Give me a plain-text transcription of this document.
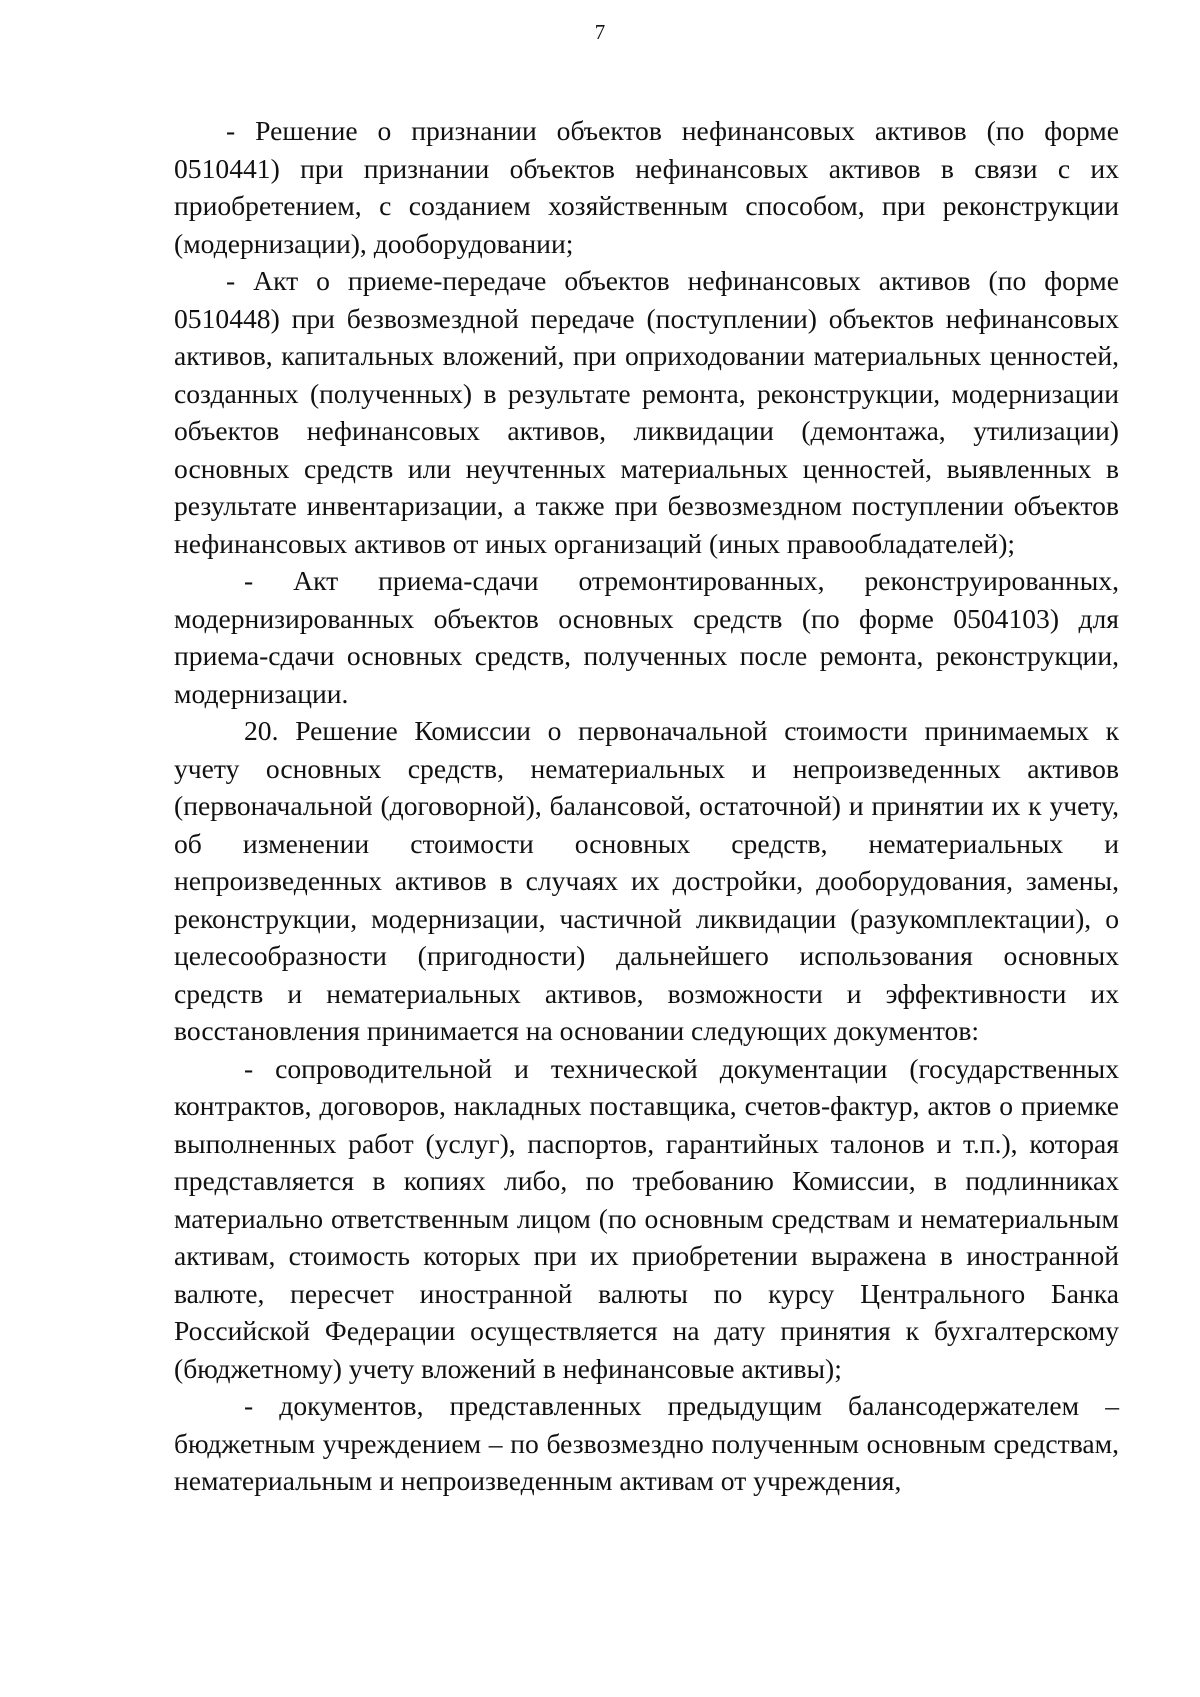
7

- Решение о признании объектов нефинансовых активов (по форме 0510441) при признании объектов нефинансовых активов в связи с их приобретением, с созданием хозяйственным способом, при реконструкции (модернизации), дооборудовании;

- Акт о приеме-передаче объектов нефинансовых активов (по форме 0510448) при безвозмездной передаче (поступлении) объектов нефинансовых активов, капитальных вложений, при оприходовании материальных ценностей, созданных (полученных) в результате ремонта, реконструкции, модернизации объектов нефинансовых активов, ликвидации (демонтажа, утилизации) основных средств или неучтенных материальных ценностей, выявленных в результате инвентаризации, а также при безвозмездном поступлении объектов нефинансовых активов от иных организаций (иных правообладателей);

- Акт приема-сдачи отремонтированных, реконструированных, модернизированных объектов основных средств (по форме 0504103) для приема-сдачи основных средств, полученных после ремонта, реконструкции, модернизации.

20. Решение Комиссии о первоначальной стоимости принимаемых к учету основных средств, нематериальных и непроизведенных активов (первоначальной (договорной), балансовой, остаточной) и принятии их к учету, об изменении стоимости основных средств, нематериальных и непроизведенных активов в случаях их достройки, дооборудования, замены, реконструкции, модернизации, частичной ликвидации (разукомплектации), о целесообразности (пригодности) дальнейшего использования основных средств и нематериальных активов, возможности и эффективности их восстановления принимается на основании следующих документов:

- сопроводительной и технической документации (государственных контрактов, договоров, накладных поставщика, счетов-фактур, актов о приемке выполненных работ (услуг), паспортов, гарантийных талонов и т.п.), которая представляется в копиях либо, по требованию Комиссии, в подлинниках материально ответственным лицом (по основным средствам и нематериальным активам, стоимость которых при их приобретении выражена в иностранной валюте, пересчет иностранной валюты по курсу Центрального Банка Российской Федерации осуществляется на дату принятия к бухгалтерскому (бюджетному) учету вложений в нефинансовые активы);

- документов, представленных предыдущим балансодержателем – бюджетным учреждением – по безвозмездно полученным основным средствам, нематериальным и непроизведенным активам от учреждения,
